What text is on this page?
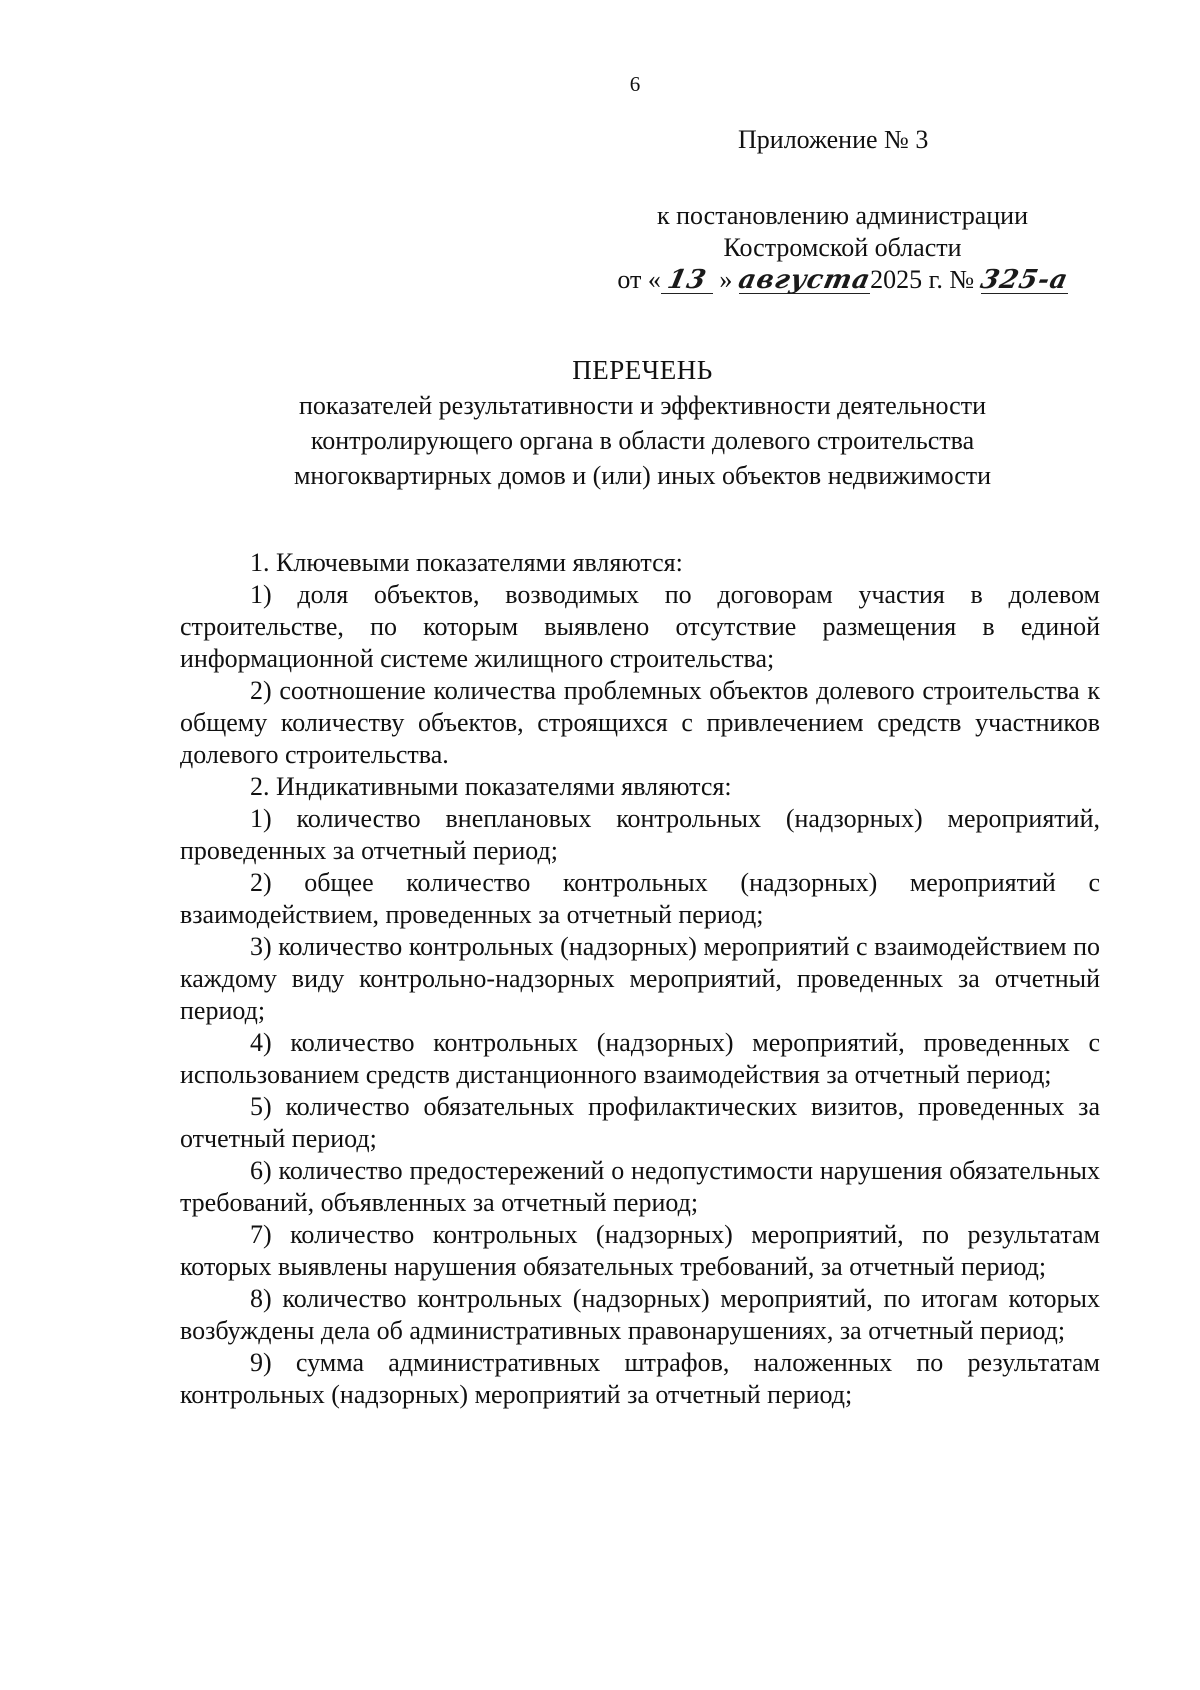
6
Приложение № 3
к постановлению администрации
Костромской области
от « 13 » августа2025 г. № 325-а
ПЕРЕЧЕНЬ

показателей результативности и эффективности деятельности

контролирующего органа в области долевого строительства

многоквартирных домов и (или) иных объектов недвижимости

1. Ключевыми показателями являются:

1) доля объектов, возводимых по договорам участия в долевом строительстве, по которым выявлено отсутствие размещения в единой информационной системе жилищного строительства;

2) соотношение количества проблемных объектов долевого строительства к общему количеству объектов, строящихся с привлечением средств участников долевого строительства.

2. Индикативными показателями являются:

1) количество внеплановых контрольных (надзорных) мероприятий, проведенных за отчетный период;

2) общее количество контрольных (надзорных) мероприятий с взаимодействием, проведенных за отчетный период;

3) количество контрольных (надзорных) мероприятий с взаимодействием по каждому виду контрольно-надзорных мероприятий, проведенных за отчетный период;

4) количество контрольных (надзорных) мероприятий, проведенных с использованием средств дистанционного взаимодействия за отчетный период;

5) количество обязательных профилактических визитов, проведенных за отчетный период;

6) количество предостережений о недопустимости нарушения обязательных требований, объявленных за отчетный период;

7) количество контрольных (надзорных) мероприятий, по результатам которых выявлены нарушения обязательных требований, за отчетный период;

8) количество контрольных (надзорных) мероприятий, по итогам которых возбуждены дела об административных правонарушениях, за отчетный период;

9) сумма административных штрафов, наложенных по результатам контрольных (надзорных) мероприятий за отчетный период;
